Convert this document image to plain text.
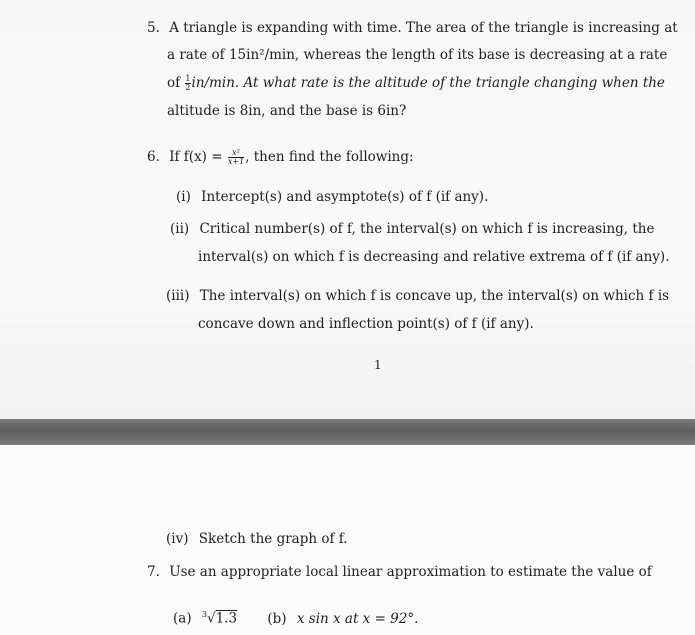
5. A triangle is expanding with time. The area of the triangle is increasing at
a rate of 15in²/min, whereas the length of its base is decreasing at a rate
of $\frac{1}{2} in/\min$. At what rate is the altitude of the triangle changing when the
altitude is 8in, and the base is 6in?
6. If $f(x) = \frac{\text{x²}}{x+1}$ , then find the following:
(i) Intercept(s) and asymptote(s) of f (if any).
(ii) Critical number(s) of f, the interval(s) on which f is increasing, the
interval(s) on which f is decreasing and relative extrema of f (if any).
(iii) The interval(s) on which f is concave up, the interval(s) on which f is
concave down and inflection point(s) of f (if any).
1
(iv) Sketch the graph of f.
7. Use an appropriate local linear approximation to estimate the value of
(a) $^3$√1.3 (b) x sin x at x = 92°.
